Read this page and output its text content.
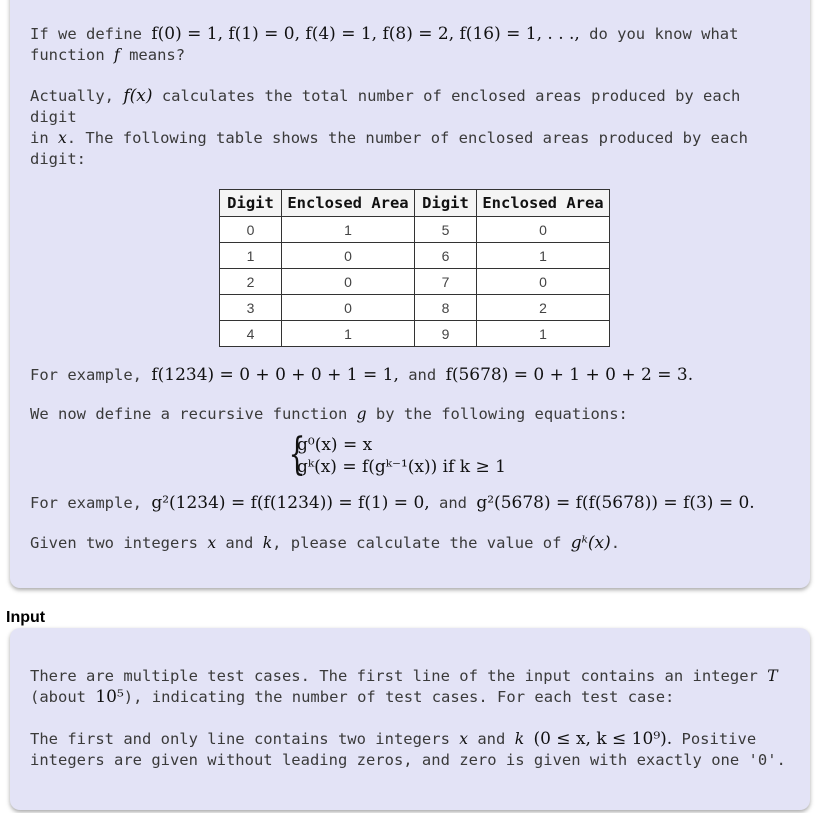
If we define f(0) = 1, f(1) = 0, f(4) = 1, f(8) = 2, f(16) = 1, . . ., do you know what
function f means?

Actually, f(x) calculates the total number of enclosed areas produced by each digit
in x. The following table shows the number of enclosed areas produced by each digit:

Digit	Enclosed Area	Digit	Enclosed Area
0	1	5	0
1	0	6	1
2	0	7	0
3	0	8	2
4	1	9	1

For example, f(1234) = 0 + 0 + 0 + 1 = 1, and f(5678) = 0 + 1 + 0 + 2 = 3.

We now define a recursive function g by the following equations:

{
g⁰(x) = x
gᵏ(x) = f(gᵏ⁻¹(x)) if k ≥ 1

For example, g²(1234) = f(f(1234)) = f(1) = 0, and g²(5678) = f(f(5678)) = f(3) = 0.

Given two integers x and k, please calculate the value of gᵏ(x).

Input

There are multiple test cases. The first line of the input contains an integer T
(about 10⁵), indicating the number of test cases. For each test case:

The first and only line contains two integers x and k (0 ≤ x, k ≤ 10⁹). Positive
integers are given without leading zeros, and zero is given with exactly one '0'.
